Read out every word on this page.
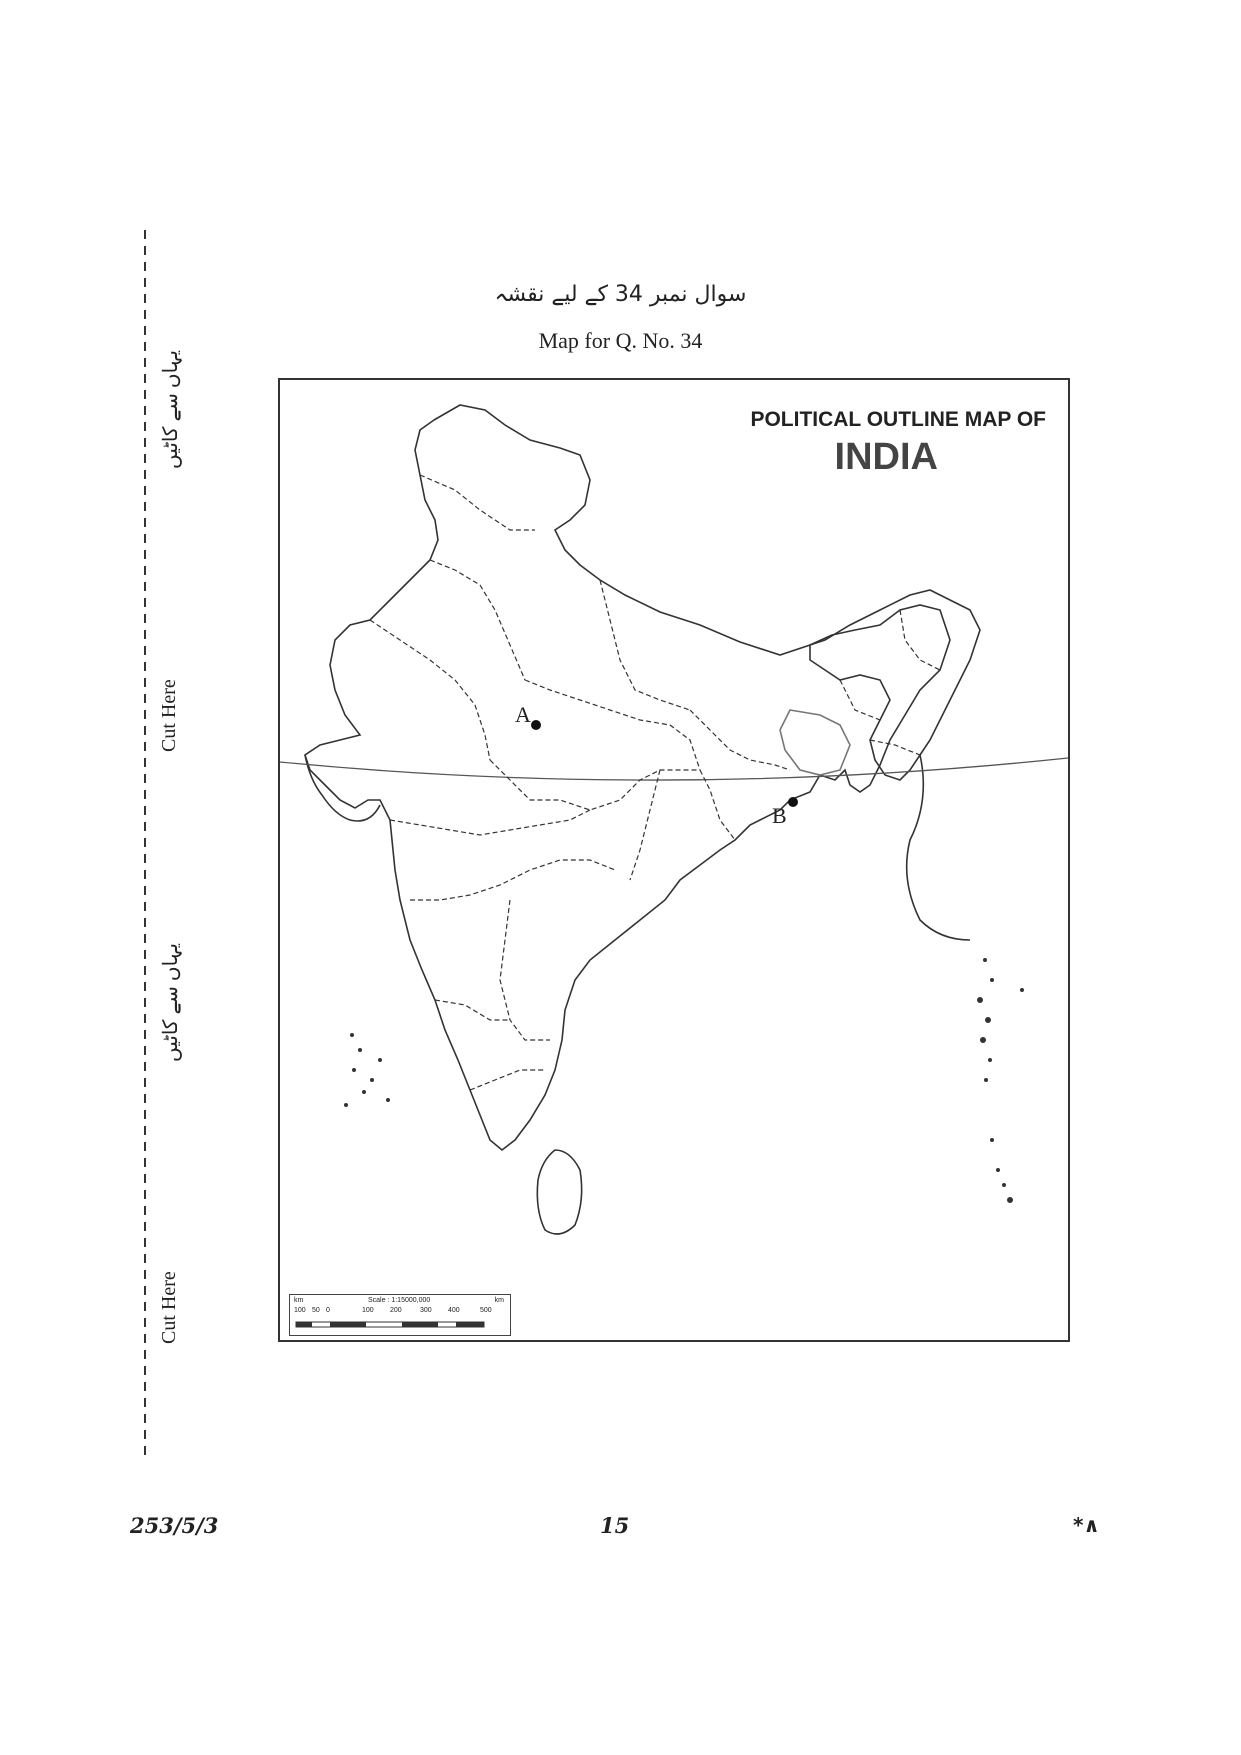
یہاں سے کاٹیں
Cut Here
یہاں سے کاٹیں
Cut Here
سوال نمبر 34 کے لیے نقشہ
Map for Q. No. 34
POLITICAL OUTLINE MAP OF
INDIA
A
B
km	Scale : 1:15000,000	km
100 50 0	100 200	300 400	500
253/5/3	15	*∧
